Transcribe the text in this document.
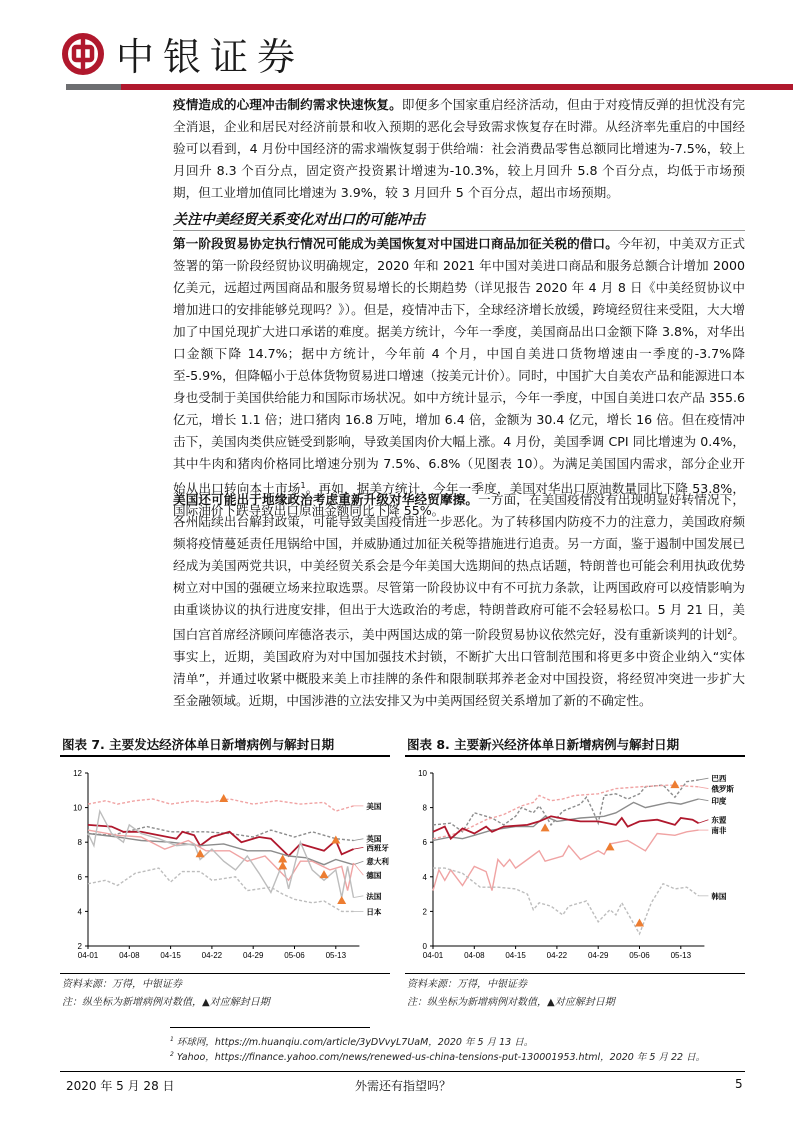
中银证券
疫情造成的心理冲击制约需求快速恢复。即便多个国家重启经济活动，但由于对疫情反弹的担忧没有完全消退，企业和居民对经济前景和收入预期的恶化会导致需求恢复存在时滞。从经济率先重启的中国经验可以看到，4 月份中国经济的需求端恢复弱于供给端：社会消费品零售总额同比增速为-7.5%，较上月回升 8.3 个百分点，固定资产投资累计增速为-10.3%，较上月回升 5.8 个百分点，均低于市场预期，但工业增加值同比增速为 3.9%，较 3 月回升 5 个百分点，超出市场预期。
关注中美经贸关系变化对出口的可能冲击
第一阶段贸易协定执行情况可能成为美国恢复对中国进口商品加征关税的借口。今年初，中美双方正式签署的第一阶段经贸协议明确规定，2020 年和 2021 年中国对美进口商品和服务总额合计增加 2000 亿美元，远超过两国商品和服务贸易增长的长期趋势（详见报告 2020 年 4 月 8 日《中美经贸协议中增加进口的安排能够兑现吗？》）。但是，疫情冲击下，全球经济增长放缓，跨境经贸往来受阻，大大增加了中国兑现扩大进口承诺的难度。据美方统计，今年一季度，美国商品出口金额下降 3.8%，对华出口金额下降 14.7%；据中方统计，今年前 4 个月，中国自美进口货物增速由一季度的-3.7%降至-5.9%，但降幅小于总体货物贸易进口增速（按美元计价）。同时，中国扩大自美农产品和能源进口本身也受制于美国供给能力和国际市场状况。如中方统计显示，今年一季度，中国自美进口农产品 355.6 亿元，增长 1.1 倍；进口猪肉 16.8 万吨，增加 6.4 倍，金额为 30.4 亿元，增长 16 倍。但在疫情冲击下，美国肉类供应链受到影响，导致美国肉价大幅上涨。4 月份，美国季调 CPI 同比增速为 0.4%，其中牛肉和猪肉价格同比增速分别为 7.5%、6.8%（见图表 10）。为满足美国国内需求，部分企业开始从出口转向本土市场$^1$。再如，据美方统计，今年一季度，美国对华出口原油数量同比下降 53.8%，国际油价下跌导致出口原油金额同比下降 55%。
美国还可能出于地缘政治考虑重新升级对华经贸摩擦。一方面，在美国疫情没有出现明显好转情况下，各州陆续出台解封政策，可能导致美国疫情进一步恶化。为了转移国内防疫不力的注意力，美国政府频频将疫情蔓延责任甩锅给中国，并威胁通过加征关税等措施进行追责。另一方面，鉴于遏制中国发展已经成为美国两党共识，中美经贸关系会是今年美国大选期间的热点话题，特朗普也可能会利用执政优势树立对中国的强硬立场来拉取选票。尽管第一阶段协议中有不可抗力条款，让两国政府可以疫情影响为由重谈协议的执行进度安排，但出于大选政治的考虑，特朗普政府可能不会轻易松口。5 月 21 日，美国白宫首席经济顾问库德洛表示，美中两国达成的第一阶段贸易协议依然完好，没有重新谈判的计划$^2$。事实上，近期，美国政府为对中国加强技术封锁，不断扩大出口管制范围和将更多中资企业纳入“实体清单”，并通过收紧中概股来美上市挂牌的条件和限制联邦养老金对中国投资，将经贸冲突进一步扩大至金融领域。近期，中国涉港的立法安排又为中美两国经贸关系增加了新的不确定性。
图表 7. 主要发达经济体单日新增病例与解封日期
2
4
6
8
10
12
04-01	04-08	04-15	04-22	04-29	05-06	05-13
美国
英国
西班牙
意大利
德国
法国
日本
资料来源：万得，中银证券
注：纵坐标为新增病例对数值，▲对应解封日期
图表 8. 主要新兴经济体单日新增病例与解封日期
0
2
4
6
8
10
04-01	04-08	04-15	04-22	04-29	05-06	05-13
巴西
俄罗斯
印度
东盟
南非
韩国
资料来源：万得，中银证券
注：纵坐标为新增病例对数值，▲对应解封日期
$^1$ 环球网，https://m.huanqiu.com/article/3yDVvyL7UaM，2020 年 5 月 13 日。
$^2$ Yahoo，https://finance.yahoo.com/news/renewed-us-china-tensions-put-130001953.html，2020 年 5 月 22 日。
2020 年 5 月 28 日	外需还有指望吗？	5
